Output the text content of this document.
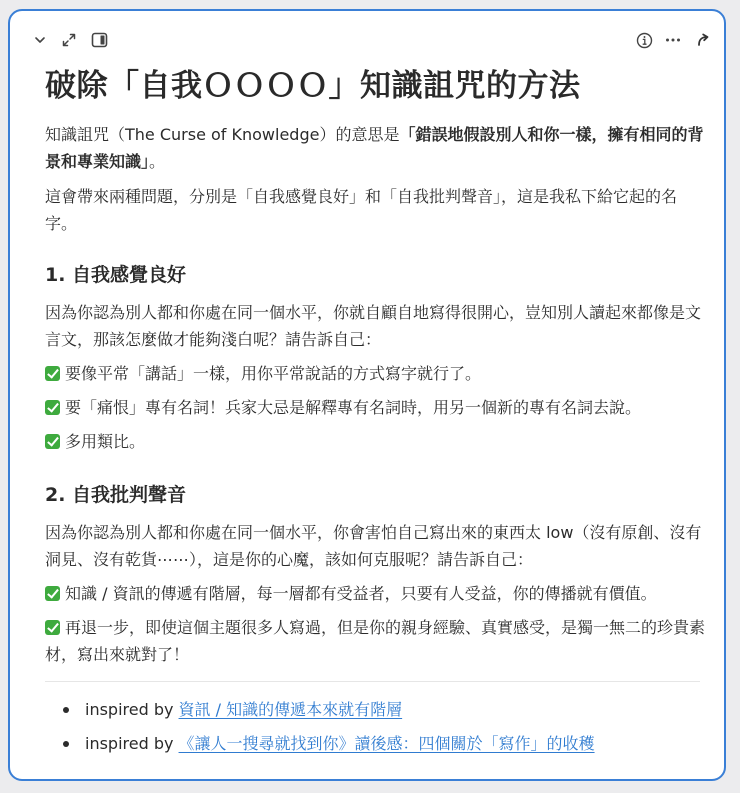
破除「自我ＯＯＯＯ」知識詛咒的方法

知識詛咒（The Curse of Knowledge）的意思是「錯誤地假設別人和你一樣，擁有相同的背景和專業知識」。

這會帶來兩種問題，分別是「自我感覺良好」和「自我批判聲音」，這是我私下給它起的名字。

1. 自我感覺良好

因為你認為別人都和你處在同一個水平，你就自顧自地寫得很開心，豈知別人讀起來都像是文言文，那該怎麼做才能夠淺白呢？請告訴自己：

要像平常「講話」一樣，用你平常說話的方式寫字就行了。

要「痛恨」專有名詞！兵家大忌是解釋專有名詞時，用另一個新的專有名詞去說。

多用類比。

2. 自我批判聲音

因為你認為別人都和你處在同一個水平，你會害怕自己寫出來的東西太 low（沒有原創、沒有洞見、沒有乾貨⋯⋯），這是你的心魔，該如何克服呢？請告訴自己：

知識 / 資訊的傳遞有階層，每一層都有受益者，只要有人受益，你的傳播就有價值。

再退一步，即使這個主題很多人寫過，但是你的親身經驗、真實感受，是獨一無二的珍貴素材，寫出來就對了！

inspired by 資訊 / 知識的傳遞本來就有階層
inspired by 《讓人一搜尋就找到你》讀後感：四個關於「寫作」的收穫
